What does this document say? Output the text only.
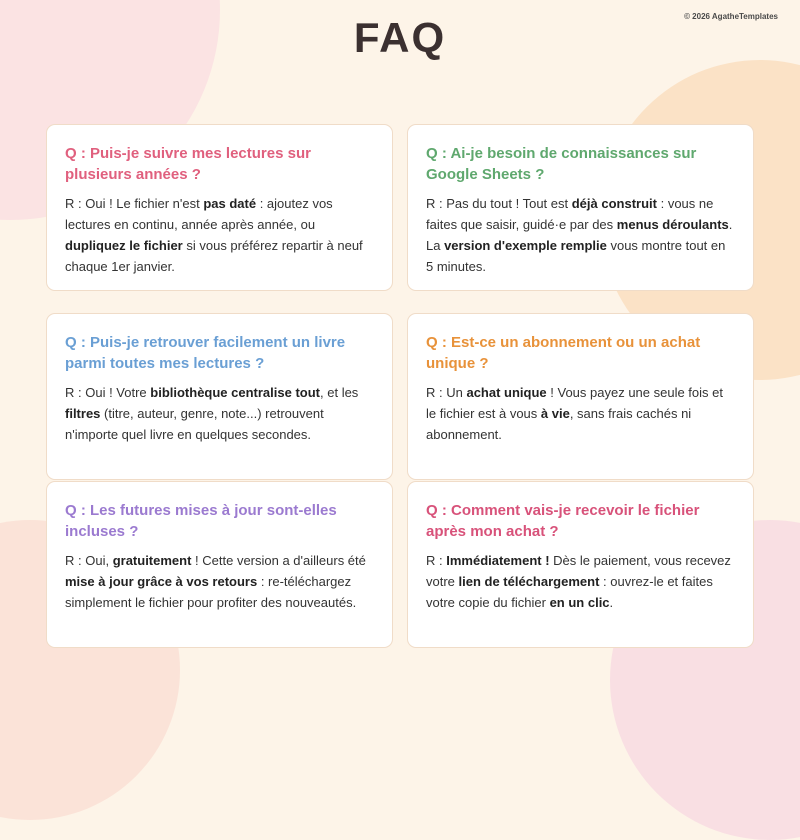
© 2026 AgatheTemplates
FAQ

Q : Puis-je suivre mes lectures sur plusieurs années ?

R : Oui ! Le fichier n'est pas daté : ajoutez vos lectures en continu, année après année, ou dupliquez le fichier si vous préférez repartir à neuf chaque 1er janvier.

Q : Ai-je besoin de connaissances sur Google Sheets ?

R : Pas du tout ! Tout est déjà construit : vous ne faites que saisir, guidé·e par des menus déroulants. La version d'exemple remplie vous montre tout en 5 minutes.

Q : Puis-je retrouver facilement un livre parmi toutes mes lectures ?

R : Oui ! Votre bibliothèque centralise tout, et les filtres (titre, auteur, genre, note...) retrouvent n'importe quel livre en quelques secondes.

Q : Est-ce un abonnement ou un achat unique ?

R : Un achat unique ! Vous payez une seule fois et le fichier est à vous à vie, sans frais cachés ni abonnement.

Q : Les futures mises à jour sont-elles incluses ?

R : Oui, gratuitement ! Cette version a d'ailleurs été mise à jour grâce à vos retours : re-téléchargez simplement le fichier pour profiter des nouveautés.

Q : Comment vais-je recevoir le fichier après mon achat ?

R : Immédiatement ! Dès le paiement, vous recevez votre lien de téléchargement : ouvrez-le et faites votre copie du fichier en un clic.
